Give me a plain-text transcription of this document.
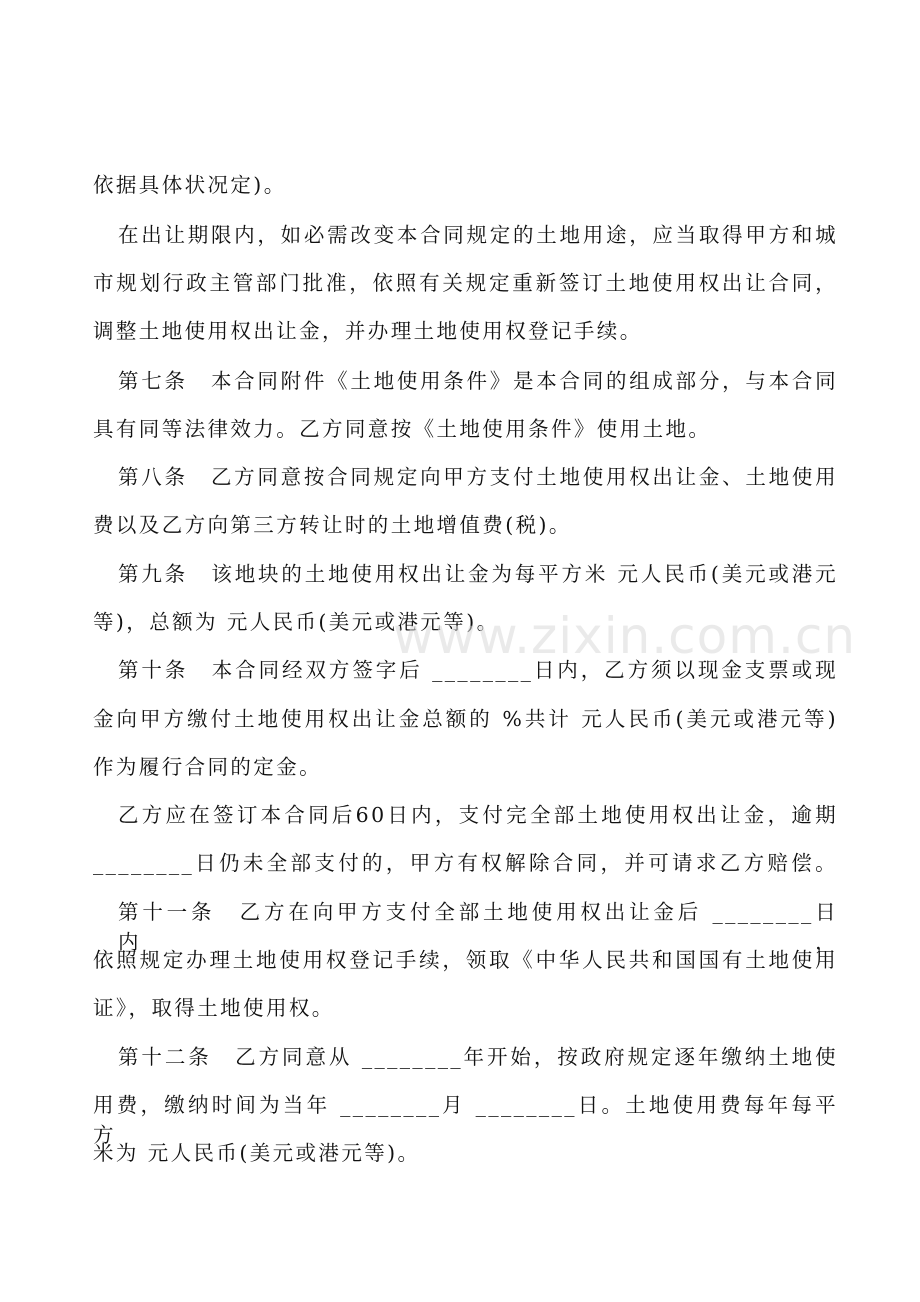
依据具体状况定)。
在出让期限内，如必需改变本合同规定的土地用途，应当取得甲方和城
市规划行政主管部门批准，依照有关规定重新签订土地使用权出让合同，
调整土地使用权出让金，并办理土地使用权登记手续。
第七条　本合同附件《土地使用条件》是本合同的组成部分，与本合同
具有同等法律效力。乙方同意按《土地使用条件》使用土地。
第八条　乙方同意按合同规定向甲方支付土地使用权出让金、土地使用
费以及乙方向第三方转让时的土地增值费(税)。
第九条　该地块的土地使用权出让金为每平方米 元人民币(美元或港元
等)，总额为 元人民币(美元或港元等)。
第十条　本合同经双方签字后 ________日内，乙方须以现金支票或现
金向甲方缴付土地使用权出让金总额的 %共计 元人民币(美元或港元等)
作为履行合同的定金。
乙方应在签订本合同后60日内，支付完全部土地使用权出让金，逾期
________日仍未全部支付的，甲方有权解除合同，并可请求乙方赔偿。
第十一条　乙方在向甲方支付全部土地使用权出让金后 ________日内，
依照规定办理土地使用权登记手续，领取《中华人民共和国国有土地使用
证》，取得土地使用权。
第十二条　乙方同意从 ________年开始，按政府规定逐年缴纳土地使
用费，缴纳时间为当年 ________月 ________日。土地使用费每年每平方
米为 元人民币(美元或港元等)。
www.zixin.com.cn
